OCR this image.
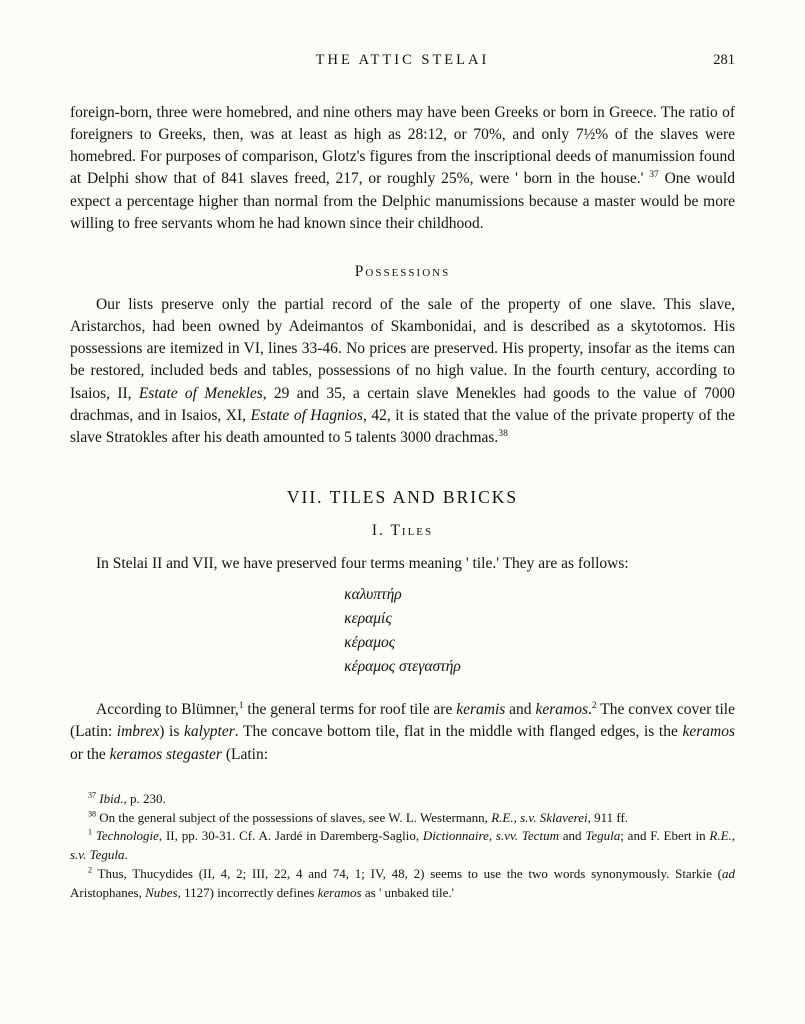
THE ATTIC STELAI	281

foreign-born, three were homebred, and nine others may have been Greeks or born in Greece. The ratio of foreigners to Greeks, then, was at least as high as 28:12, or 70%, and only 7½% of the slaves were homebred. For purposes of comparison, Glotz's figures from the inscriptional deeds of manumission found at Delphi show that of 841 slaves freed, 217, or roughly 25%, were ' born in the house.' $^{37}$ One would expect a percentage higher than normal from the Delphic manumissions because a master would be more willing to free servants whom he had known since their childhood.

Possessions

Our lists preserve only the partial record of the sale of the property of one slave. This slave, Aristarchos, had been owned by Adeimantos of Skambonidai, and is described as a skytotomos. His possessions are itemized in VI, lines 33-46. No prices are preserved. His property, insofar as the items can be restored, included beds and tables, possessions of no high value. In the fourth century, according to Isaios, II, Estate of Menekles, 29 and 35, a certain slave Menekles had goods to the value of 7000 drachmas, and in Isaios, XI, Estate of Hagnios, 42, it is stated that the value of the private property of the slave Stratokles after his death amounted to 5 talents 3000 drachmas.$^{38}$

VII. TILES AND BRICKS
I. Tiles

In Stelai II and VII, we have preserved four terms meaning ' tile.' They are as follows:

καλυπτήρ
κεραμίς
κέραμος
κέραμος στεγαστήρ

According to Blümner,$^1$ the general terms for roof tile are keramis and keramos.$^2$ The convex cover tile (Latin: imbrex) is kalypter. The concave bottom tile, flat in the middle with flanged edges, is the keramos or the keramos stegaster (Latin:

$^{37}$ Ibid., p. 230.

$^{38}$ On the general subject of the possessions of slaves, see W. L. Westermann, R.E., s.v. Sklaverei, 911 ff.

$^1$ Technologie, II, pp. 30-31. Cf. A. Jardé in Daremberg-Saglio, Dictionnaire, s.vv. Tectum and Tegula; and F. Ebert in R.E., s.v. Tegula.

$^2$ Thus, Thucydides (II, 4, 2; III, 22, 4 and 74, 1; IV, 48, 2) seems to use the two words synonymously. Starkie (ad Aristophanes, Nubes, 1127) incorrectly defines keramos as ' unbaked tile.'
